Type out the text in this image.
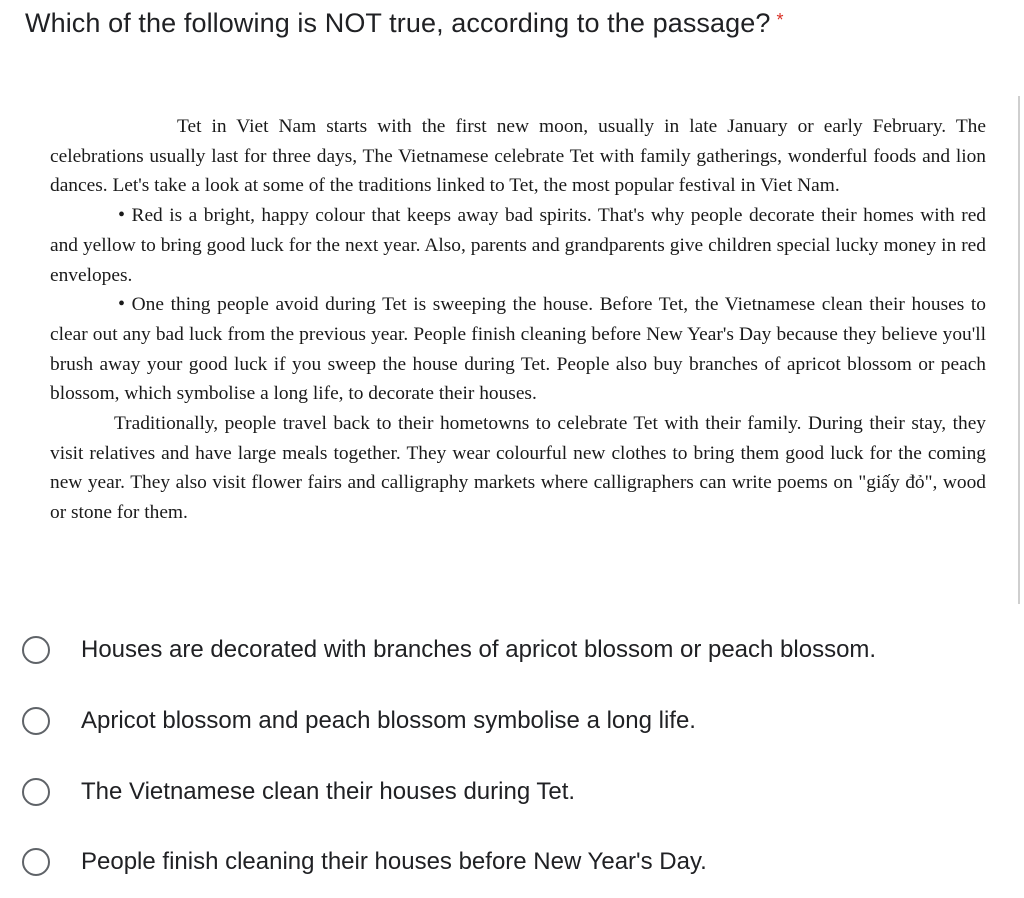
Which of the following is NOT true, according to the passage? *

Tet in Viet Nam starts with the first new moon, usually in late January or early February. The celebrations usually last for three days, The Vietnamese celebrate Tet with family gatherings, wonderful foods and lion dances. Let's take a look at some of the traditions linked to Tet, the most popular festival in Viet Nam.

• Red is a bright, happy colour that keeps away bad spirits. That's why people decorate their homes with red and yellow to bring good luck for the next year. Also, parents and grandparents give children special lucky money in red envelopes.

• One thing people avoid during Tet is sweeping the house. Before Tet, the Vietnamese clean their houses to clear out any bad luck from the previous year. People finish cleaning before New Year's Day because they believe you'll brush away your good luck if you sweep the house during Tet. People also buy branches of apricot blossom or peach blossom, which symbolise a long life, to decorate their houses.

Traditionally, people travel back to their hometowns to celebrate Tet with their family. During their stay, they visit relatives and have large meals together. They wear colourful new clothes to bring them good luck for the coming new year. They also visit flower fairs and calligraphy markets where calligraphers can write poems on "giấy đỏ", wood or stone for them.

Houses are decorated with branches of apricot blossom or peach blossom.
Apricot blossom and peach blossom symbolise a long life.
The Vietnamese clean their houses during Tet.
People finish cleaning their houses before New Year's Day.
